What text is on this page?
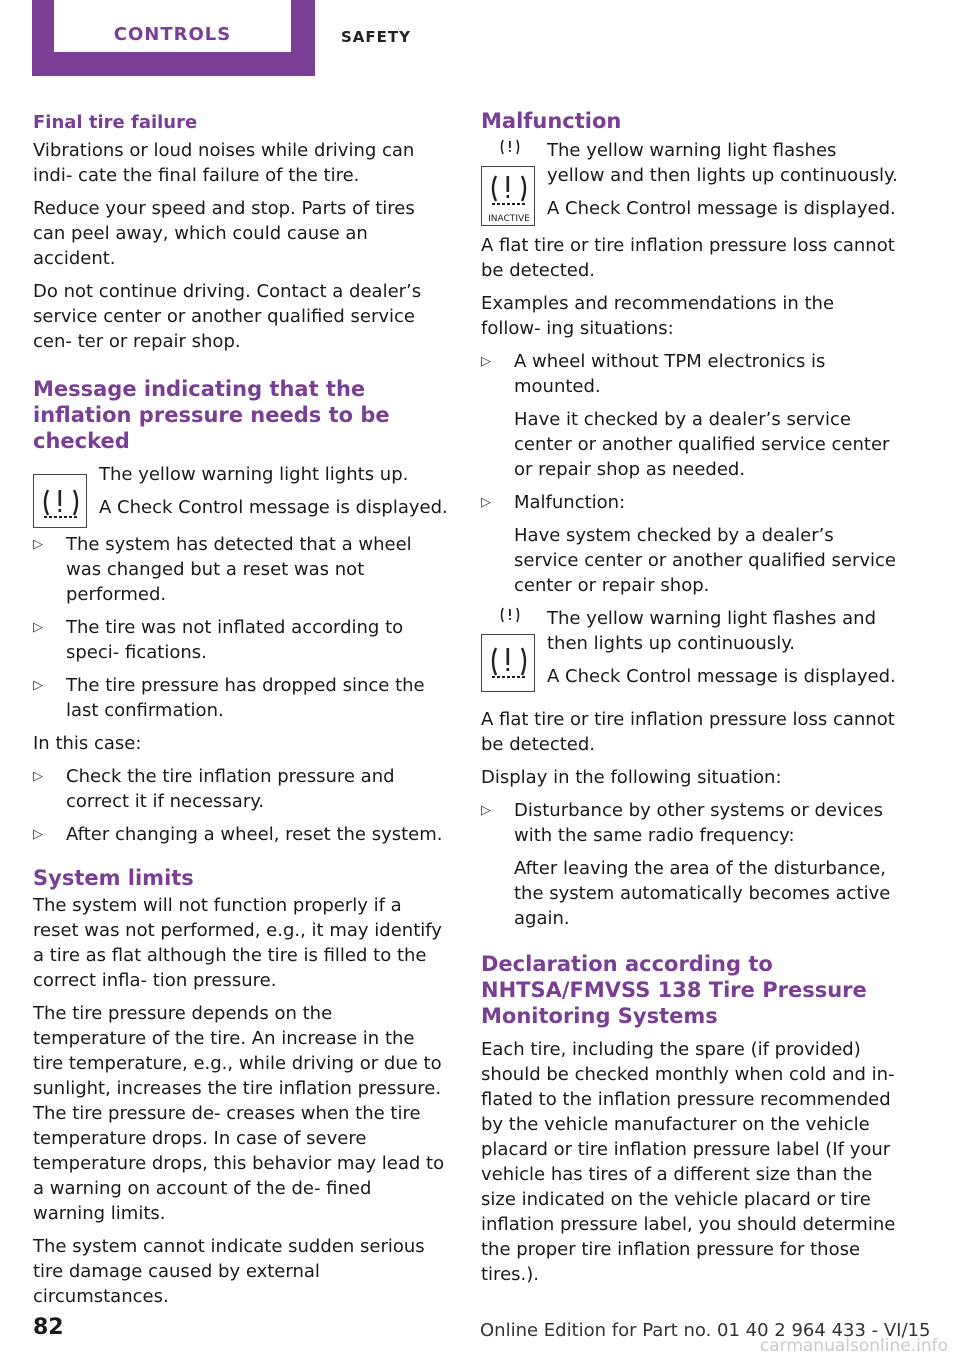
CONTROLS	SAFETY
Final tire failure

Vibrations or loud noises while driving can indi‐ cate the final failure of the tire.

Reduce your speed and stop. Parts of tires can peel away, which could cause an accident.

Do not continue driving. Contact a dealer’s service center or another qualified service cen‐ ter or repair shop.

Message indicating that the inflation pressure needs to be checked

The yellow warning light lights up.

A Check Control message is displayed.

▷ The system has detected that a wheel was changed but a reset was not performed.
▷ The tire was not inflated according to speci‐ fications.
▷ The tire pressure has dropped since the last confirmation.

In this case:

▷ Check the tire inflation pressure and correct it if necessary.
▷ After changing a wheel, reset the system.
System limits

The system will not function properly if a reset was not performed, e.g., it may identify a tire as flat although the tire is filled to the correct infla‐ tion pressure.

The tire pressure depends on the temperature of the tire. An increase in the tire temperature, e.g., while driving or due to sunlight, increases the tire inflation pressure. The tire pressure de‐ creases when the tire temperature drops. In case of severe temperature drops, this behavior may lead to a warning on account of the de‐ fined warning limits.

The system cannot indicate sudden serious tire damage caused by external circumstances.

Malfunction
INACTIVE

The yellow warning light flashes yellow and then lights up continuously.

A Check Control message is displayed.

A flat tire or tire inflation pressure loss cannot be detected.

Examples and recommendations in the follow‐ ing situations:

▷ A wheel without TPM electronics is mounted.

Have it checked by a dealer’s service center or another qualified service center or repair shop as needed.

▷ Malfunction:

Have system checked by a dealer’s service center or another qualified service center or repair shop.

The yellow warning light flashes and then lights up continuously.

A Check Control message is displayed.

A flat tire or tire inflation pressure loss cannot be detected.

Display in the following situation:

▷ Disturbance by other systems or devices with the same radio frequency:

After leaving the area of the disturbance, the system automatically becomes active again.

Declaration according to NHTSA/FMVSS 138 Tire Pressure Monitoring Systems

Each tire, including the spare (if provided) should be checked monthly when cold and in‐ flated to the inflation pressure recommended by the vehicle manufacturer on the vehicle placard or tire inflation pressure label (If your vehicle has tires of a different size than the size indicated on the vehicle placard or tire inflation pressure label, you should determine the proper tire inflation pressure for those tires.).

82	Online Edition for Part no. 01 40 2 964 433 - VI/15
carmanualsonline.info
